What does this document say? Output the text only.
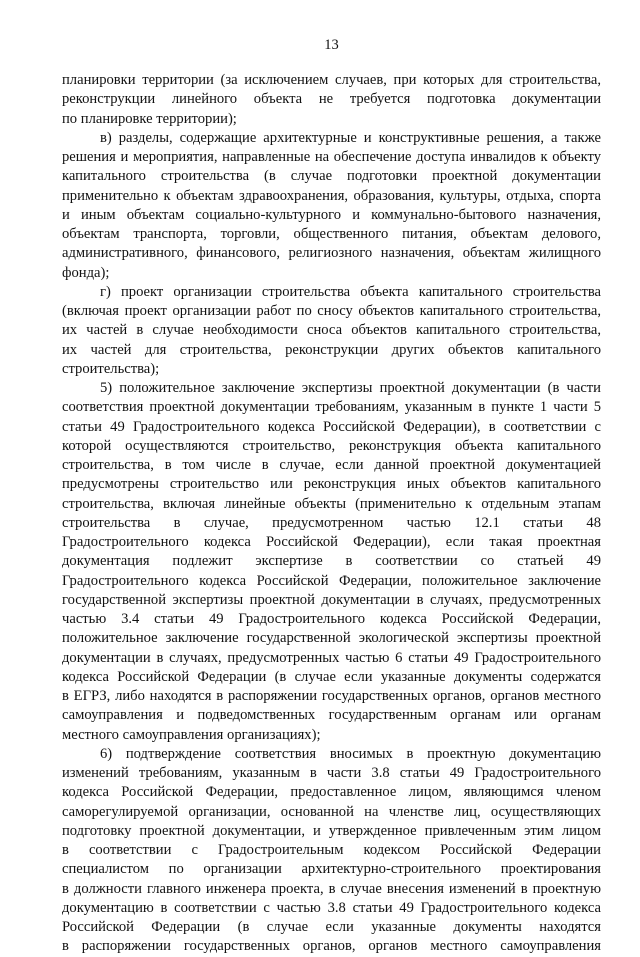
13
планировки территории (за исключением случаев, при которых для строительства,
реконструкции линейного объекта не требуется подготовка документации
по планировке территории);
в) разделы, содержащие архитектурные и конструктивные решения, а также
решения и мероприятия, направленные на обеспечение доступа инвалидов к объекту
капитального строительства (в случае подготовки проектной документации
применительно к объектам здравоохранения, образования, культуры, отдыха, спорта
и иным объектам социально-культурного и коммунально-бытового назначения,
объектам транспорта, торговли, общественного питания, объектам делового,
административного, финансового, религиозного назначения, объектам жилищного
фонда);
г) проект организации строительства объекта капитального строительства
(включая проект организации работ по сносу объектов капитального строительства,
их частей в случае необходимости сноса объектов капитального строительства,
их частей для строительства, реконструкции других объектов капитального
строительства);
5) положительное заключение экспертизы проектной документации (в части
соответствия проектной документации требованиям, указанным в пункте 1 части 5
статьи 49 Градостроительного кодекса Российской Федерации), в соответствии с
которой осуществляются строительство, реконструкция объекта капитального
строительства, в том числе в случае, если данной проектной документацией
предусмотрены строительство или реконструкция иных объектов капитального
строительства, включая линейные объекты (применительно к отдельным этапам
строительства в случае, предусмотренном частью 12.1 статьи 48
Градостроительного кодекса Российской Федерации), если такая проектная
документация подлежит экспертизе в соответствии со статьей 49
Градостроительного кодекса Российской Федерации, положительное заключение
государственной экспертизы проектной документации в случаях, предусмотренных
частью 3.4 статьи 49 Градостроительного кодекса Российской Федерации,
положительное заключение государственной экологической экспертизы проектной
документации в случаях, предусмотренных частью 6 статьи 49 Градостроительного
кодекса Российской Федерации (в случае если указанные документы содержатся
в ЕГРЗ, либо находятся в распоряжении государственных органов, органов местного
самоуправления и подведомственных государственным органам или органам
местного самоуправления организациях);
6) подтверждение соответствия вносимых в проектную документацию
изменений требованиям, указанным в части 3.8 статьи 49 Градостроительного
кодекса Российской Федерации, предоставленное лицом, являющимся членом
саморегулируемой организации, основанной на членстве лиц, осуществляющих
подготовку проектной документации, и утвержденное привлеченным этим лицом
в соответствии с Градостроительным кодексом Российской Федерации
специалистом по организации архитектурно-строительного проектирования
в должности главного инженера проекта, в случае внесения изменений в проектную
документацию в соответствии с частью 3.8 статьи 49 Градостроительного кодекса
Российской Федерации (в случае если указанные документы находятся
в распоряжении государственных органов, органов местного самоуправления
